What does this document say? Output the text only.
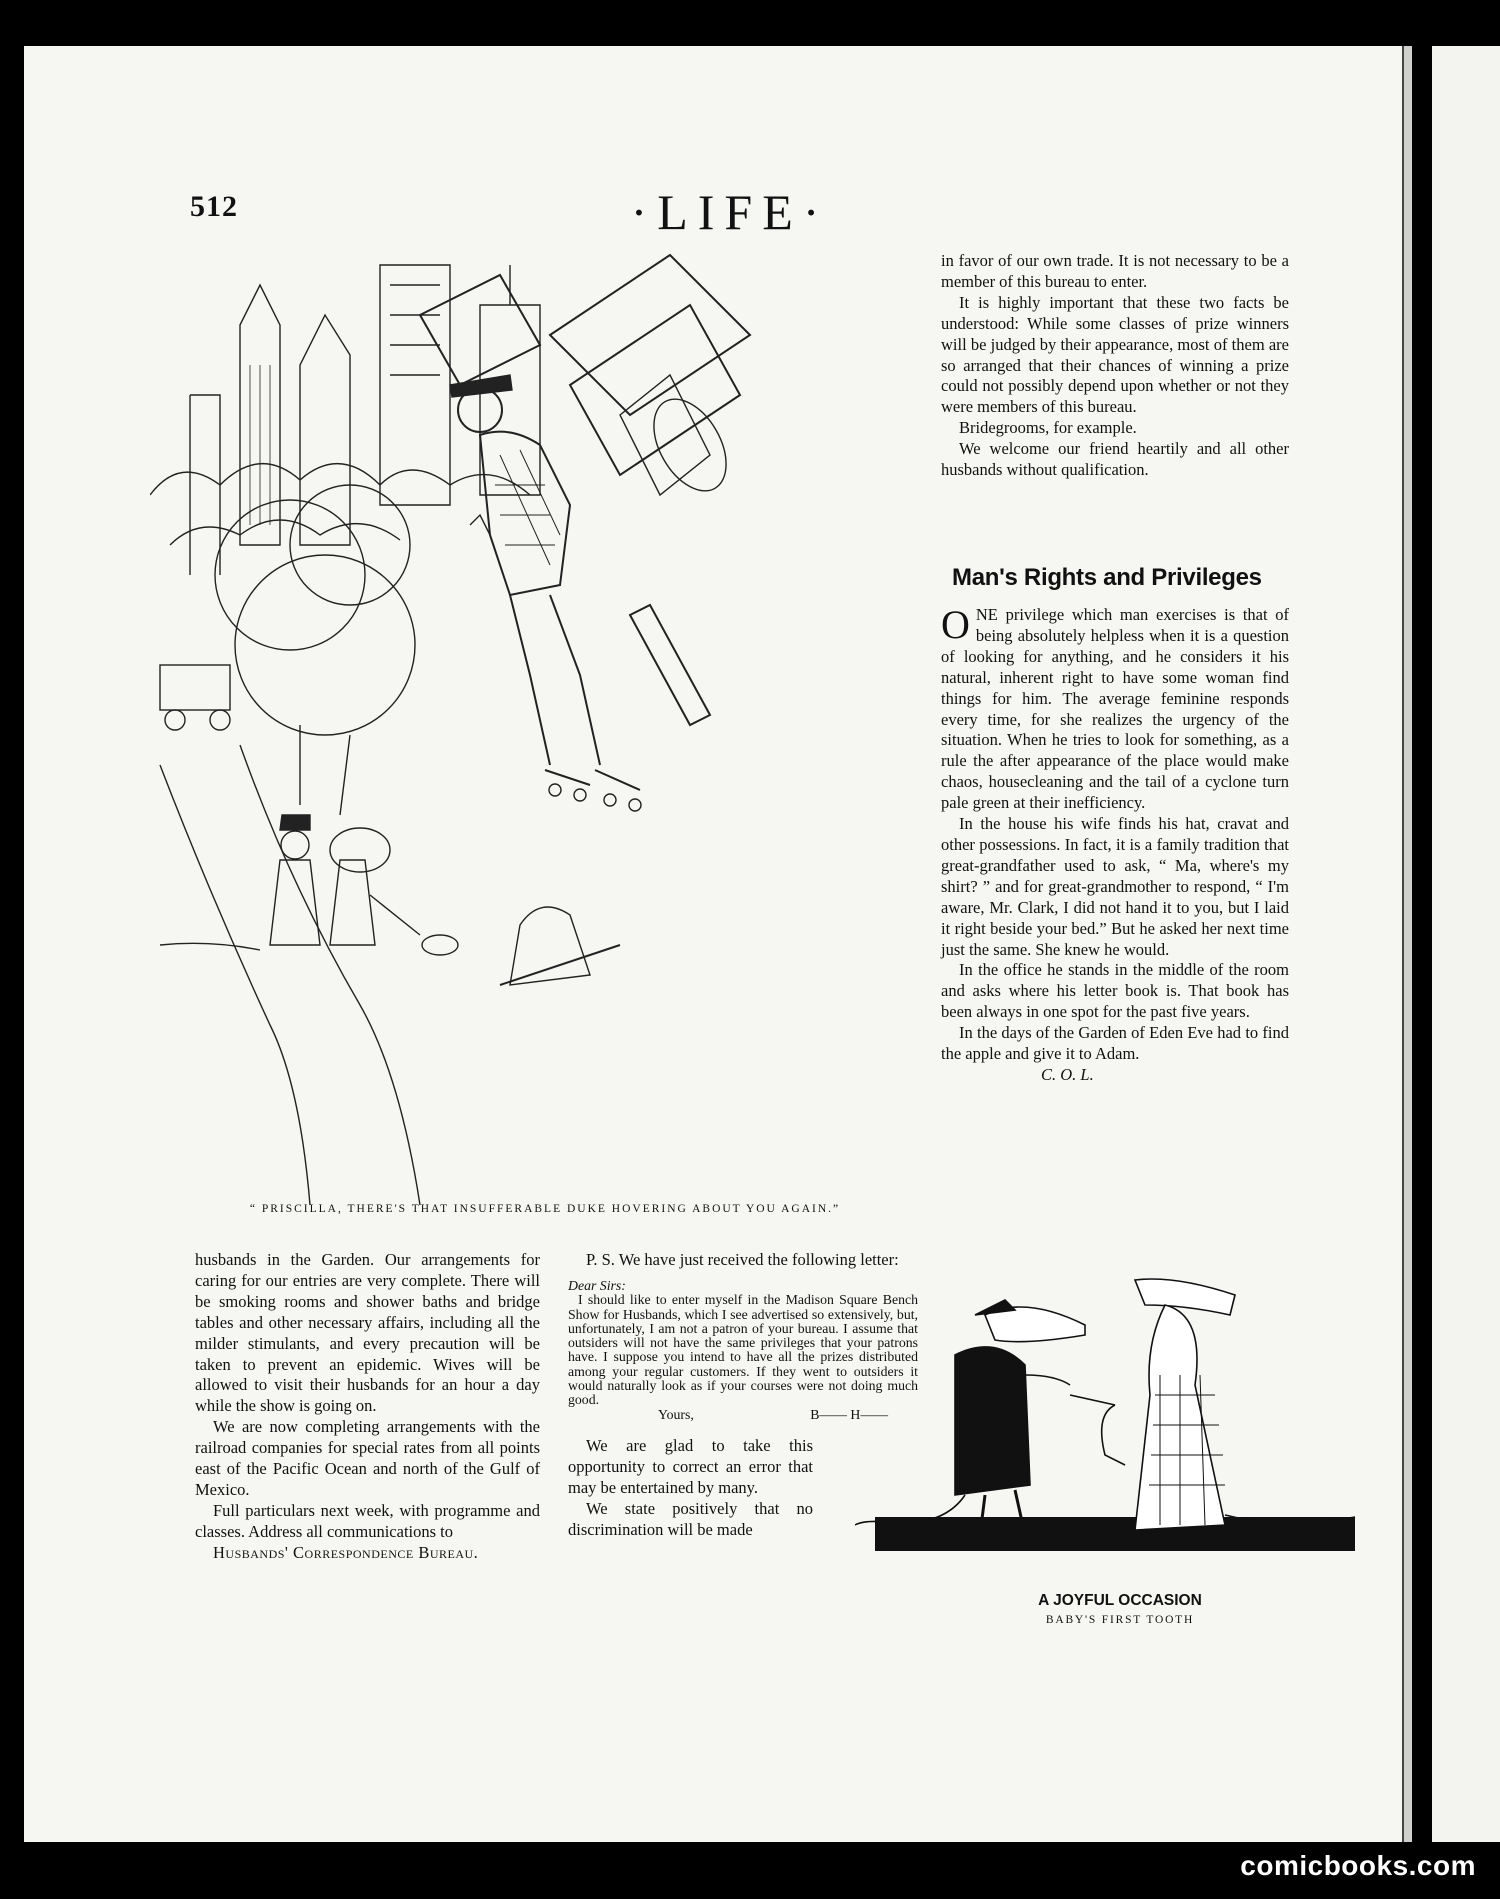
512	·LIFE·
“ PRISCILLA, THERE'S THAT INSUFFERABLE DUKE HOVERING ABOUT YOU AGAIN.”

in favor of our own trade. It is not necessary to be a member of this bureau to enter.

It is highly important that these two facts be understood: While some classes of prize winners will be judged by their appearance, most of them are so arranged that their chances of winning a prize could not possibly depend upon whether or not they were members of this bureau.

Bridegrooms, for example.

We welcome our friend heartily and all other husbands without qualification.

Man's Rights and Privileges

ONE privilege which man exercises is that of being absolutely helpless when it is a question of looking for anything, and he considers it his natural, inherent right to have some woman find things for him. The average feminine responds every time, for she realizes the urgency of the situation. When he tries to look for something, as a rule the after appearance of the place would make chaos, housecleaning and the tail of a cyclone turn pale green at their inefficiency.

In the house his wife finds his hat, cravat and other possessions. In fact, it is a family tradition that great-grandfather used to ask, “ Ma, where's my shirt? ” and for great-grandmother to respond, “ I'm aware, Mr. Clark, I did not hand it to you, but I laid it right beside your bed.” But he asked her next time just the same. She knew he would.

In the office he stands in the middle of the room and asks where his letter book is. That book has been always in one spot for the past five years.

In the days of the Garden of Eden Eve had to find the apple and give it to Adam.

C. O. L.

husbands in the Garden. Our arrangements for caring for our entries are very complete. There will be smoking rooms and shower baths and bridge tables and other necessary affairs, including all the milder stimulants, and every precaution will be taken to prevent an epidemic. Wives will be allowed to visit their husbands for an hour a day while the show is going on.

We are now completing arrangements with the railroad companies for special rates from all points east of the Pacific Ocean and north of the Gulf of Mexico.

Full particulars next week, with programme and classes. Address all communications to

Husbands' Correspondence Bureau.

P. S. We have just received the following letter:

Dear Sirs:

I should like to enter myself in the Madison Square Bench Show for Husbands, which I see advertised so extensively, but, unfortunately, I am not a patron of your bureau. I assume that outsiders will not have the same privileges that your patrons have. I suppose you intend to have all the prizes distributed among your regular customers. If they went to outsiders it would naturally look as if your courses were not doing much good.

Yours,	B—— H——

We are glad to take this opportunity to correct an error that may be entertained by many.

We state positively that no discrimination will be made

A JOYFUL OCCASION
BABY'S FIRST TOOTH
comicbooks.com
